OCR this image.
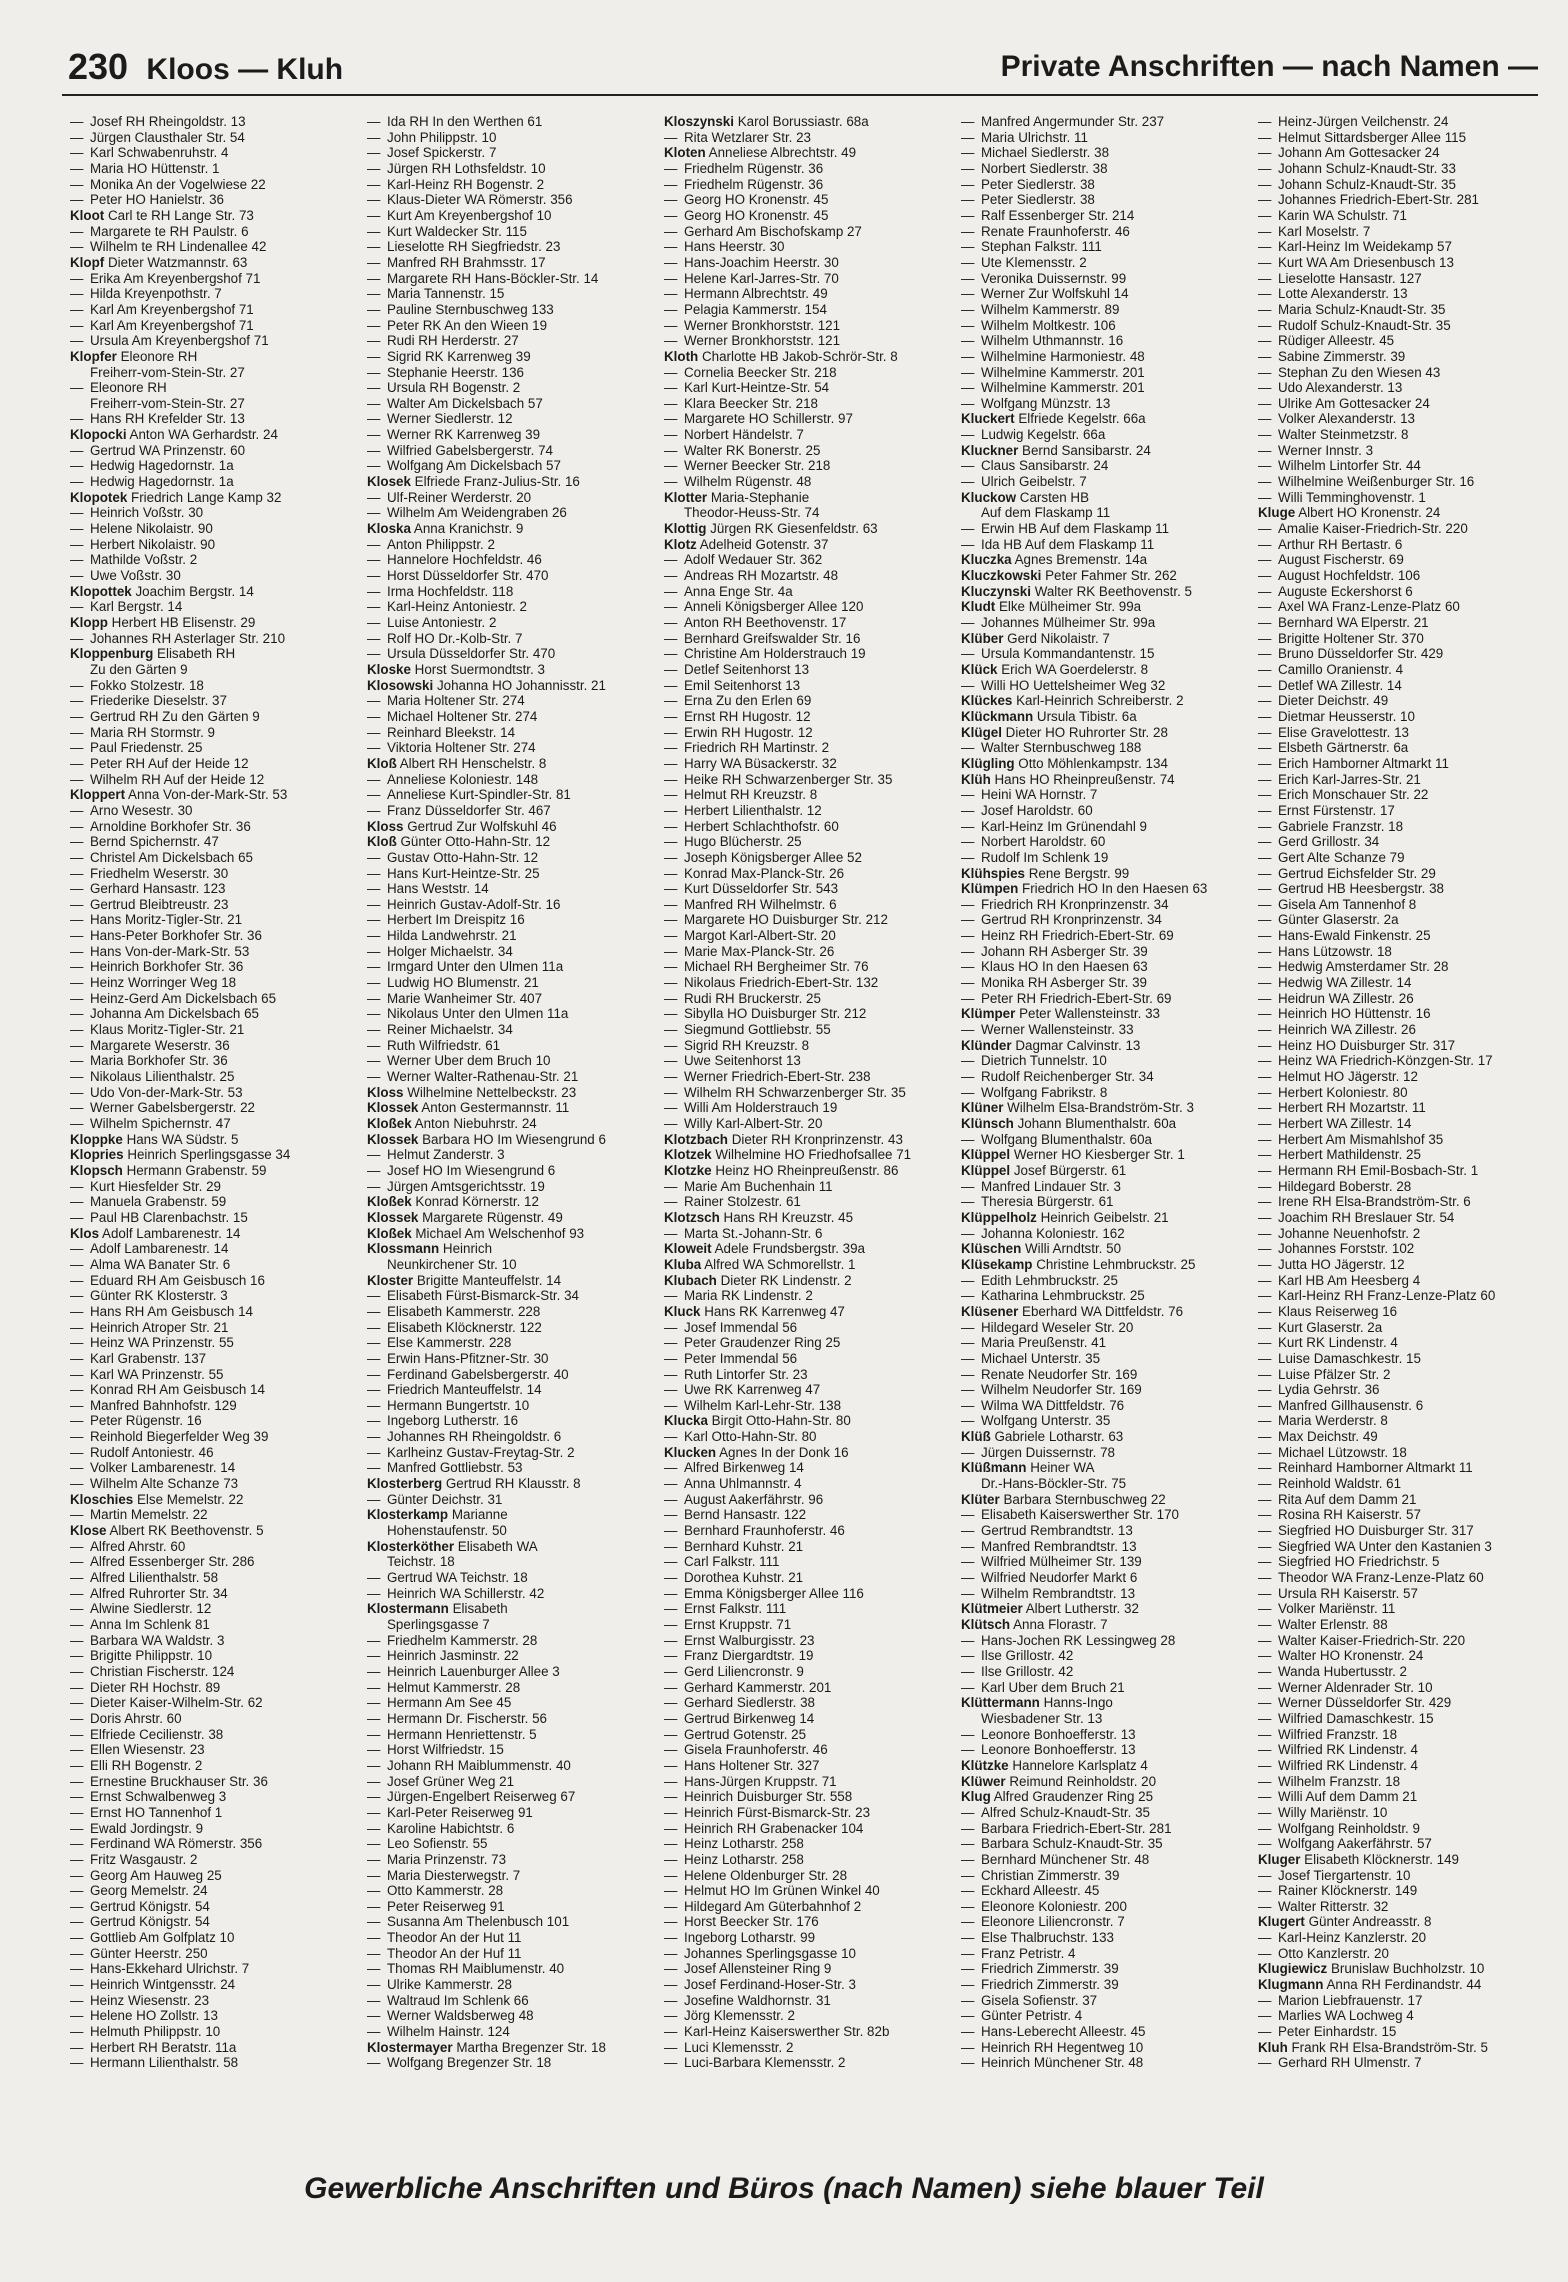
230 Kloos — Kluh	Private Anschriften — nach Namen —
— Josef RH Rheingoldstr. 13
— Jürgen Clausthaler Str. 54
— Karl Schwabenruhstr. 4
— Maria HO Hüttenstr. 1
— Monika An der Vogelwiese 22
— Peter HO Hanielstr. 36
Kloot Carl te RH Lange Str. 73
— Margarete te RH Paulstr. 6
— Wilhelm te RH Lindenallee 42
Klopf Dieter Watzmannstr. 63
— Erika Am Kreyenbergshof 71
— Hilda Kreyenpothstr. 7
— Karl Am Kreyenbergshof 71
— Karl Am Kreyenbergshof 71
— Ursula Am Kreyenbergshof 71
Klopfer Eleonore RH
Freiherr-vom-Stein-Str. 27
— Eleonore RH
Freiherr-vom-Stein-Str. 27
— Hans RH Krefelder Str. 13
Klopocki Anton WA Gerhardstr. 24
— Gertrud WA Prinzenstr. 60
— Hedwig Hagedornstr. 1a
— Hedwig Hagedornstr. 1a
Klopotek Friedrich Lange Kamp 32
— Heinrich Voßstr. 30
— Helene Nikolaistr. 90
— Herbert Nikolaistr. 90
— Mathilde Voßstr. 2
— Uwe Voßstr. 30
Klopottek Joachim Bergstr. 14
— Karl Bergstr. 14
Klopp Herbert HB Elisenstr. 29
— Johannes RH Asterlager Str. 210
Kloppenburg Elisabeth RH
Zu den Gärten 9
— Fokko Stolzestr. 18
— Friederike Dieselstr. 37
— Gertrud RH Zu den Gärten 9
— Maria RH Stormstr. 9
— Paul Friedenstr. 25
— Peter RH Auf der Heide 12
— Wilhelm RH Auf der Heide 12
Kloppert Anna Von-der-Mark-Str. 53
— Arno Wesestr. 30
— Arnoldine Borkhofer Str. 36
— Bernd Spichernstr. 47
— Christel Am Dickelsbach 65
— Friedhelm Weserstr. 30
— Gerhard Hansastr. 123
— Gertrud Bleibtreustr. 23
— Hans Moritz-Tigler-Str. 21
— Hans-Peter Borkhofer Str. 36
— Hans Von-der-Mark-Str. 53
— Heinrich Borkhofer Str. 36
— Heinz Worringer Weg 18
— Heinz-Gerd Am Dickelsbach 65
— Johanna Am Dickelsbach 65
— Klaus Moritz-Tigler-Str. 21
— Margarete Weserstr. 36
— Maria Borkhofer Str. 36
— Nikolaus Lilienthalstr. 25
— Udo Von-der-Mark-Str. 53
— Werner Gabelsbergerstr. 22
— Wilhelm Spichernstr. 47
Kloppke Hans WA Südstr. 5
Klopries Heinrich Sperlingsgasse 34
Klopsch Hermann Grabenstr. 59
— Kurt Hiesfelder Str. 29
— Manuela Grabenstr. 59
— Paul HB Clarenbachstr. 15
Klos Adolf Lambarenestr. 14
— Adolf Lambarenestr. 14
— Alma WA Banater Str. 6
— Eduard RH Am Geisbusch 16
— Günter RK Klosterstr. 3
— Hans RH Am Geisbusch 14
— Heinrich Atroper Str. 21
— Heinz WA Prinzenstr. 55
— Karl Grabenstr. 137
— Karl WA Prinzenstr. 55
— Konrad RH Am Geisbusch 14
— Manfred Bahnhofstr. 129
— Peter Rügenstr. 16
— Reinhold Biegerfelder Weg 39
— Rudolf Antoniestr. 46
— Volker Lambarenestr. 14
— Wilhelm Alte Schanze 73
Kloschies Else Memelstr. 22
— Martin Memelstr. 22
Klose Albert RK Beethovenstr. 5
— Alfred Ahrstr. 60
— Alfred Essenberger Str. 286
— Alfred Lilienthalstr. 58
— Alfred Ruhrorter Str. 34
— Alwine Siedlerstr. 12
— Anna Im Schlenk 81
— Barbara WA Waldstr. 3
— Brigitte Philippstr. 10
— Christian Fischerstr. 124
— Dieter RH Hochstr. 89
— Dieter Kaiser-Wilhelm-Str. 62
— Doris Ahrstr. 60
— Elfriede Cecilienstr. 38
— Ellen Wiesenstr. 23
— Elli RH Bogenstr. 2
— Ernestine Bruckhauser Str. 36
— Ernst Schwalbenweg 3
— Ernst HO Tannenhof 1
— Ewald Jordingstr. 9
— Ferdinand WA Römerstr. 356
— Fritz Wasgaustr. 2
— Georg Am Hauweg 25
— Georg Memelstr. 24
— Gertrud Königstr. 54
— Gertrud Königstr. 54
— Gottlieb Am Golfplatz 10
— Günter Heerstr. 250
— Hans-Ekkehard Ulrichstr. 7
— Heinrich Wintgensstr. 24
— Heinz Wiesenstr. 23
— Helene HO Zollstr. 13
— Helmuth Philippstr. 10
— Herbert RH Beratstr. 11a
— Hermann Lilienthalstr. 58
— Ida RH In den Werthen 61
— John Philippstr. 10
— Josef Spickerstr. 7
— Jürgen RH Lothsfeldstr. 10
— Karl-Heinz RH Bogenstr. 2
— Klaus-Dieter WA Römerstr. 356
— Kurt Am Kreyenbergshof 10
— Kurt Waldecker Str. 115
— Lieselotte RH Siegfriedstr. 23
— Manfred RH Brahmsstr. 17
— Margarete RH Hans-Böckler-Str. 14
— Maria Tannenstr. 15
— Pauline Sternbuschweg 133
— Peter RK An den Wieen 19
— Rudi RH Herderstr. 27
— Sigrid RK Karrenweg 39
— Stephanie Heerstr. 136
— Ursula RH Bogenstr. 2
— Walter Am Dickelsbach 57
— Werner Siedlerstr. 12
— Werner RK Karrenweg 39
— Wilfried Gabelsbergerstr. 74
— Wolfgang Am Dickelsbach 57
Klosek Elfriede Franz-Julius-Str. 16
— Ulf-Reiner Werderstr. 20
— Wilhelm Am Weidengraben 26
Kloska Anna Kranichstr. 9
— Anton Philippstr. 2
— Hannelore Hochfeldstr. 46
— Horst Düsseldorfer Str. 470
— Irma Hochfeldstr. 118
— Karl-Heinz Antoniestr. 2
— Luise Antoniestr. 2
— Rolf HO Dr.-Kolb-Str. 7
— Ursula Düsseldorfer Str. 470
Kloske Horst Suermondtstr. 3
Klosowski Johanna HO Johannisstr. 21
— Maria Holtener Str. 274
— Michael Holtener Str. 274
— Reinhard Bleekstr. 14
— Viktoria Holtener Str. 274
Kloß Albert RH Henschelstr. 8
— Anneliese Koloniestr. 148
— Anneliese Kurt-Spindler-Str. 81
— Franz Düsseldorfer Str. 467
Kloss Gertrud Zur Wolfskuhl 46
Kloß Günter Otto-Hahn-Str. 12
— Gustav Otto-Hahn-Str. 12
— Hans Kurt-Heintze-Str. 25
— Hans Weststr. 14
— Heinrich Gustav-Adolf-Str. 16
— Herbert Im Dreispitz 16
— Hilda Landwehrstr. 21
— Holger Michaelstr. 34
— Irmgard Unter den Ulmen 11a
— Ludwig HO Blumenstr. 21
— Marie Wanheimer Str. 407
— Nikolaus Unter den Ulmen 11a
— Reiner Michaelstr. 34
— Ruth Wilfriedstr. 61
— Werner Uber dem Bruch 10
— Werner Walter-Rathenau-Str. 21
Kloss Wilhelmine Nettelbeckstr. 23
Klossek Anton Gestermannstr. 11
Kloßek Anton Niebuhrstr. 24
Klossek Barbara HO Im Wiesengrund 6
— Helmut Zanderstr. 3
— Josef HO Im Wiesengrund 6
— Jürgen Amtsgerichtsstr. 19
Kloßek Konrad Körnerstr. 12
Klossek Margarete Rügenstr. 49
Kloßek Michael Am Welschenhof 93
Klossmann Heinrich
Neunkirchener Str. 10
Kloster Brigitte Manteuffelstr. 14
— Elisabeth Fürst-Bismarck-Str. 34
— Elisabeth Kammerstr. 228
— Elisabeth Klöcknerstr. 122
— Else Kammerstr. 228
— Erwin Hans-Pfitzner-Str. 30
— Ferdinand Gabelsbergerstr. 40
— Friedrich Manteuffelstr. 14
— Hermann Bungertstr. 10
— Ingeborg Lutherstr. 16
— Johannes RH Rheingoldstr. 6
— Karlheinz Gustav-Freytag-Str. 2
— Manfred Gottliebstr. 53
Klosterberg Gertrud RH Klausstr. 8
— Günter Deichstr. 31
Klosterkamp Marianne
Hohenstaufenstr. 50
Klosterköther Elisabeth WA
Teichstr. 18
— Gertrud WA Teichstr. 18
— Heinrich WA Schillerstr. 42
Klostermann Elisabeth
Sperlingsgasse 7
— Friedhelm Kammerstr. 28
— Heinrich Jasminstr. 22
— Heinrich Lauenburger Allee 3
— Helmut Kammerstr. 28
— Hermann Am See 45
— Hermann Dr. Fischerstr. 56
— Hermann Henriettenstr. 5
— Horst Wilfriedstr. 15
— Johann RH Maiblummenstr. 40
— Josef Grüner Weg 21
— Jürgen-Engelbert Reiserweg 67
— Karl-Peter Reiserweg 91
— Karoline Habichtstr. 6
— Leo Sofienstr. 55
— Maria Prinzenstr. 73
— Maria Diesterwegstr. 7
— Otto Kammerstr. 28
— Peter Reiserweg 91
— Susanna Am Thelenbusch 101
— Theodor An der Hut 11
— Theodor An der Huf 11
— Thomas RH Maiblumenstr. 40
— Ulrike Kammerstr. 28
— Waltraud Im Schlenk 66
— Werner Waldsberweg 48
— Wilhelm Hainstr. 124
Klostermayer Martha Bregenzer Str. 18
— Wolfgang Bregenzer Str. 18
Kloszynski Karol Borussiastr. 68a
— Rita Wetzlarer Str. 23
Kloten Anneliese Albrechtstr. 49
— Friedhelm Rügenstr. 36
— Friedhelm Rügenstr. 36
— Georg HO Kronenstr. 45
— Georg HO Kronenstr. 45
— Gerhard Am Bischofskamp 27
— Hans Heerstr. 30
— Hans-Joachim Heerstr. 30
— Helene Karl-Jarres-Str. 70
— Hermann Albrechtstr. 49
— Pelagia Kammerstr. 154
— Werner Bronkhorststr. 121
— Werner Bronkhorststr. 121
Kloth Charlotte HB Jakob-Schrör-Str. 8
— Cornelia Beecker Str. 218
— Karl Kurt-Heintze-Str. 54
— Klara Beecker Str. 218
— Margarete HO Schillerstr. 97
— Norbert Händelstr. 7
— Walter RK Bonerstr. 25
— Werner Beecker Str. 218
— Wilhelm Rügenstr. 48
Klotter Maria-Stephanie
Theodor-Heuss-Str. 74
Klottig Jürgen RK Giesenfeldstr. 63
Klotz Adelheid Gotenstr. 37
— Adolf Wedauer Str. 362
— Andreas RH Mozartstr. 48
— Anna Enge Str. 4a
— Anneli Königsberger Allee 120
— Anton RH Beethovenstr. 17
— Bernhard Greifswalder Str. 16
— Christine Am Holderstrauch 19
— Detlef Seitenhorst 13
— Emil Seitenhorst 13
— Erna Zu den Erlen 69
— Ernst RH Hugostr. 12
— Erwin RH Hugostr. 12
— Friedrich RH Martinstr. 2
— Harry WA Büsackerstr. 32
— Heike RH Schwarzenberger Str. 35
— Helmut RH Kreuzstr. 8
— Herbert Lilienthalstr. 12
— Herbert Schlachthofstr. 60
— Hugo Blücherstr. 25
— Joseph Königsberger Allee 52
— Konrad Max-Planck-Str. 26
— Kurt Düsseldorfer Str. 543
— Manfred RH Wilhelmstr. 6
— Margarete HO Duisburger Str. 212
— Margot Karl-Albert-Str. 20
— Marie Max-Planck-Str. 26
— Michael RH Bergheimer Str. 76
— Nikolaus Friedrich-Ebert-Str. 132
— Rudi RH Bruckerstr. 25
— Sibylla HO Duisburger Str. 212
— Siegmund Gottliebstr. 55
— Sigrid RH Kreuzstr. 8
— Uwe Seitenhorst 13
— Werner Friedrich-Ebert-Str. 238
— Wilhelm RH Schwarzenberger Str. 35
— Willi Am Holderstrauch 19
— Willy Karl-Albert-Str. 20
Klotzbach Dieter RH Kronprinzenstr. 43
Klotzek Wilhelmine HO Friedhofsallee 71
Klotzke Heinz HO Rheinpreußenstr. 86
— Marie Am Buchenhain 11
— Rainer Stolzestr. 61
Klotzsch Hans RH Kreuzstr. 45
— Marta St.-Johann-Str. 6
Kloweit Adele Frundsbergstr. 39a
Kluba Alfred WA Schmorellstr. 1
Klubach Dieter RK Lindenstr. 2
— Maria RK Lindenstr. 2
Kluck Hans RK Karrenweg 47
— Josef Immendal 56
— Peter Graudenzer Ring 25
— Peter Immendal 56
— Ruth Lintorfer Str. 23
— Uwe RK Karrenweg 47
— Wilhelm Karl-Lehr-Str. 138
Klucka Birgit Otto-Hahn-Str. 80
— Karl Otto-Hahn-Str. 80
Klucken Agnes In der Donk 16
— Alfred Birkenweg 14
— Anna Uhlmannstr. 4
— August Aakerfährstr. 96
— Bernd Hansastr. 122
— Bernhard Fraunhoferstr. 46
— Bernhard Kuhstr. 21
— Carl Falkstr. 111
— Dorothea Kuhstr. 21
— Emma Königsberger Allee 116
— Ernst Falkstr. 111
— Ernst Kruppstr. 71
— Ernst Walburgisstr. 23
— Franz Diergardtstr. 19
— Gerd Liliencronstr. 9
— Gerhard Kammerstr. 201
— Gerhard Siedlerstr. 38
— Gertrud Birkenweg 14
— Gertrud Gotenstr. 25
— Gisela Fraunhoferstr. 46
— Hans Holtener Str. 327
— Hans-Jürgen Kruppstr. 71
— Heinrich Duisburger Str. 558
— Heinrich Fürst-Bismarck-Str. 23
— Heinrich RH Grabenacker 104
— Heinz Lotharstr. 258
— Heinz Lotharstr. 258
— Helene Oldenburger Str. 28
— Helmut HO Im Grünen Winkel 40
— Hildegard Am Güterbahnhof 2
— Horst Beecker Str. 176
— Ingeborg Lotharstr. 99
— Johannes Sperlingsgasse 10
— Josef Allensteiner Ring 9
— Josef Ferdinand-Hoser-Str. 3
— Josefine Waldhornstr. 31
— Jörg Klemensstr. 2
— Karl-Heinz Kaiserswerther Str. 82b
— Luci Klemensstr. 2
— Luci-Barbara Klemensstr. 2
— Manfred Angermunder Str. 237
— Maria Ulrichstr. 11
— Michael Siedlerstr. 38
— Norbert Siedlerstr. 38
— Peter Siedlerstr. 38
— Peter Siedlerstr. 38
— Ralf Essenberger Str. 214
— Renate Fraunhoferstr. 46
— Stephan Falkstr. 111
— Ute Klemensstr. 2
— Veronika Duissernstr. 99
— Werner Zur Wolfskuhl 14
— Wilhelm Kammerstr. 89
— Wilhelm Moltkestr. 106
— Wilhelm Uthmannstr. 16
— Wilhelmine Harmoniestr. 48
— Wilhelmine Kammerstr. 201
— Wilhelmine Kammerstr. 201
— Wolfgang Münzstr. 13
Kluckert Elfriede Kegelstr. 66a
— Ludwig Kegelstr. 66a
Kluckner Bernd Sansibarstr. 24
— Claus Sansibarstr. 24
— Ulrich Geibelstr. 7
Kluckow Carsten HB
Auf dem Flaskamp 11
— Erwin HB Auf dem Flaskamp 11
— Ida HB Auf dem Flaskamp 11
Kluczka Agnes Bremenstr. 14a
Kluczkowski Peter Fahmer Str. 262
Kluczynski Walter RK Beethovenstr. 5
Kludt Elke Mülheimer Str. 99a
— Johannes Mülheimer Str. 99a
Klüber Gerd Nikolaistr. 7
— Ursula Kommandantenstr. 15
Klück Erich WA Goerdelerstr. 8
— Willi HO Uettelsheimer Weg 32
Klückes Karl-Heinrich Schreiberstr. 2
Klückmann Ursula Tibistr. 6a
Klügel Dieter HO Ruhrorter Str. 28
— Walter Sternbuschweg 188
Klügling Otto Möhlenkampstr. 134
Klüh Hans HO Rheinpreußenstr. 74
— Heini WA Hornstr. 7
— Josef Haroldstr. 60
— Karl-Heinz Im Grünendahl 9
— Norbert Haroldstr. 60
— Rudolf Im Schlenk 19
Klühspies Rene Bergstr. 99
Klümpen Friedrich HO In den Haesen 63
— Friedrich RH Kronprinzenstr. 34
— Gertrud RH Kronprinzenstr. 34
— Heinz RH Friedrich-Ebert-Str. 69
— Johann RH Asberger Str. 39
— Klaus HO In den Haesen 63
— Monika RH Asberger Str. 39
— Peter RH Friedrich-Ebert-Str. 69
Klümper Peter Wallensteinstr. 33
— Werner Wallensteinstr. 33
Klünder Dagmar Calvinstr. 13
— Dietrich Tunnelstr. 10
— Rudolf Reichenberger Str. 34
— Wolfgang Fabrikstr. 8
Klüner Wilhelm Elsa-Brandström-Str. 3
Klünsch Johann Blumenthalstr. 60a
— Wolfgang Blumenthalstr. 60a
Klüppel Werner HO Kiesberger Str. 1
Klüppel Josef Bürgerstr. 61
— Manfred Lindauer Str. 3
— Theresia Bürgerstr. 61
Klüppelholz Heinrich Geibelstr. 21
— Johanna Koloniestr. 162
Klüschen Willi Arndtstr. 50
Klüsekamp Christine Lehmbruckstr. 25
— Edith Lehmbruckstr. 25
— Katharina Lehmbruckstr. 25
Klüsener Eberhard WA Dittfeldstr. 76
— Hildegard Weseler Str. 20
— Maria Preußenstr. 41
— Michael Unterstr. 35
— Renate Neudorfer Str. 169
— Wilhelm Neudorfer Str. 169
— Wilma WA Dittfeldstr. 76
— Wolfgang Unterstr. 35
Klüß Gabriele Lotharstr. 63
— Jürgen Duissernstr. 78
Klüßmann Heiner WA
Dr.-Hans-Böckler-Str. 75
Klüter Barbara Sternbuschweg 22
— Elisabeth Kaiserswerther Str. 170
— Gertrud Rembrandtstr. 13
— Manfred Rembrandtstr. 13
— Wilfried Mülheimer Str. 139
— Wilfried Neudorfer Markt 6
— Wilhelm Rembrandtstr. 13
Klütmeier Albert Lutherstr. 32
Klütsch Anna Florastr. 7
— Hans-Jochen RK Lessingweg 28
— Ilse Grillostr. 42
— Ilse Grillostr. 42
— Karl Uber dem Bruch 21
Klüttermann Hanns-Ingo
Wiesbadener Str. 13
— Leonore Bonhoefferstr. 13
— Leonore Bonhoefferstr. 13
Klützke Hannelore Karlsplatz 4
Klüwer Reimund Reinholdstr. 20
Klug Alfred Graudenzer Ring 25
— Alfred Schulz-Knaudt-Str. 35
— Barbara Friedrich-Ebert-Str. 281
— Barbara Schulz-Knaudt-Str. 35
— Bernhard Münchener Str. 48
— Christian Zimmerstr. 39
— Eckhard Alleestr. 45
— Eleonore Koloniestr. 200
— Eleonore Liliencronstr. 7
— Else Thalbruchstr. 133
— Franz Petristr. 4
— Friedrich Zimmerstr. 39
— Friedrich Zimmerstr. 39
— Gisela Sofienstr. 37
— Günter Petristr. 4
— Hans-Leberecht Alleestr. 45
— Heinrich RH Hegentweg 10
— Heinrich Münchener Str. 48
— Heinz-Jürgen Veilchenstr. 24
— Helmut Sittardsberger Allee 115
— Johann Am Gottesacker 24
— Johann Schulz-Knaudt-Str. 33
— Johann Schulz-Knaudt-Str. 35
— Johannes Friedrich-Ebert-Str. 281
— Karin WA Schulstr. 71
— Karl Moselstr. 7
— Karl-Heinz Im Weidekamp 57
— Kurt WA Am Driesenbusch 13
— Lieselotte Hansastr. 127
— Lotte Alexanderstr. 13
— Maria Schulz-Knaudt-Str. 35
— Rudolf Schulz-Knaudt-Str. 35
— Rüdiger Alleestr. 45
— Sabine Zimmerstr. 39
— Stephan Zu den Wiesen 43
— Udo Alexanderstr. 13
— Ulrike Am Gottesacker 24
— Volker Alexanderstr. 13
— Walter Steinmetzstr. 8
— Werner Innstr. 3
— Wilhelm Lintorfer Str. 44
— Wilhelmine Weißenburger Str. 16
— Willi Temminghovenstr. 1
Kluge Albert HO Kronenstr. 24
— Amalie Kaiser-Friedrich-Str. 220
— Arthur RH Bertastr. 6
— August Fischerstr. 69
— August Hochfeldstr. 106
— Auguste Eckershorst 6
— Axel WA Franz-Lenze-Platz 60
— Bernhard WA Elperstr. 21
— Brigitte Holtener Str. 370
— Bruno Düsseldorfer Str. 429
— Camillo Oranienstr. 4
— Detlef WA Zillestr. 14
— Dieter Deichstr. 49
— Dietmar Heusserstr. 10
— Elise Gravelottestr. 13
— Elsbeth Gärtnerstr. 6a
— Erich Hamborner Altmarkt 11
— Erich Karl-Jarres-Str. 21
— Erich Monschauer Str. 22
— Ernst Fürstenstr. 17
— Gabriele Franzstr. 18
— Gerd Grillostr. 34
— Gert Alte Schanze 79
— Gertrud Eichsfelder Str. 29
— Gertrud HB Heesbergstr. 38
— Gisela Am Tannenhof 8
— Günter Glaserstr. 2a
— Hans-Ewald Finkenstr. 25
— Hans Lützowstr. 18
— Hedwig Amsterdamer Str. 28
— Hedwig WA Zillestr. 14
— Heidrun WA Zillestr. 26
— Heinrich HO Hüttenstr. 16
— Heinrich WA Zillestr. 26
— Heinz HO Duisburger Str. 317
— Heinz WA Friedrich-Könzgen-Str. 17
— Helmut HO Jägerstr. 12
— Herbert Koloniestr. 80
— Herbert RH Mozartstr. 11
— Herbert WA Zillestr. 14
— Herbert Am Mismahlshof 35
— Herbert Mathildenstr. 25
— Hermann RH Emil-Bosbach-Str. 1
— Hildegard Boberstr. 28
— Irene RH Elsa-Brandström-Str. 6
— Joachim RH Breslauer Str. 54
— Johanne Neuenhofstr. 2
— Johannes Forststr. 102
— Jutta HO Jägerstr. 12
— Karl HB Am Heesberg 4
— Karl-Heinz RH Franz-Lenze-Platz 60
— Klaus Reiserweg 16
— Kurt Glaserstr. 2a
— Kurt RK Lindenstr. 4
— Luise Damaschkestr. 15
— Luise Pfälzer Str. 2
— Lydia Gehrstr. 36
— Manfred Gillhausenstr. 6
— Maria Werderstr. 8
— Max Deichstr. 49
— Michael Lützowstr. 18
— Reinhard Hamborner Altmarkt 11
— Reinhold Waldstr. 61
— Rita Auf dem Damm 21
— Rosina RH Kaiserstr. 57
— Siegfried HO Duisburger Str. 317
— Siegfried WA Unter den Kastanien 3
— Siegfried HO Friedrichstr. 5
— Theodor WA Franz-Lenze-Platz 60
— Ursula RH Kaiserstr. 57
— Volker Mariënstr. 11
— Walter Erlenstr. 88
— Walter Kaiser-Friedrich-Str. 220
— Walter HO Kronenstr. 24
— Wanda Hubertusstr. 2
— Werner Aldenrader Str. 10
— Werner Düsseldorfer Str. 429
— Wilfried Damaschkestr. 15
— Wilfried Franzstr. 18
— Wilfried RK Lindenstr. 4
— Wilfried RK Lindenstr. 4
— Wilhelm Franzstr. 18
— Willi Auf dem Damm 21
— Willy Mariënstr. 10
— Wolfgang Reinholdstr. 9
— Wolfgang Aakerfährstr. 57
Kluger Elisabeth Klöcknerstr. 149
— Josef Tiergartenstr. 10
— Rainer Klöcknerstr. 149
— Walter Ritterstr. 32
Klugert Günter Andreasstr. 8
— Karl-Heinz Kanzlerstr. 20
— Otto Kanzlerstr. 20
Klugiewicz Brunislaw Buchholzstr. 10
Klugmann Anna RH Ferdinandstr. 44
— Marion Liebfrauenstr. 17
— Marlies WA Lochweg 4
— Peter Einhardstr. 15
Kluh Frank RH Elsa-Brandström-Str. 5
— Gerhard RH Ulmenstr. 7
Gewerbliche Anschriften und Büros (nach Namen) siehe blauer Teil
